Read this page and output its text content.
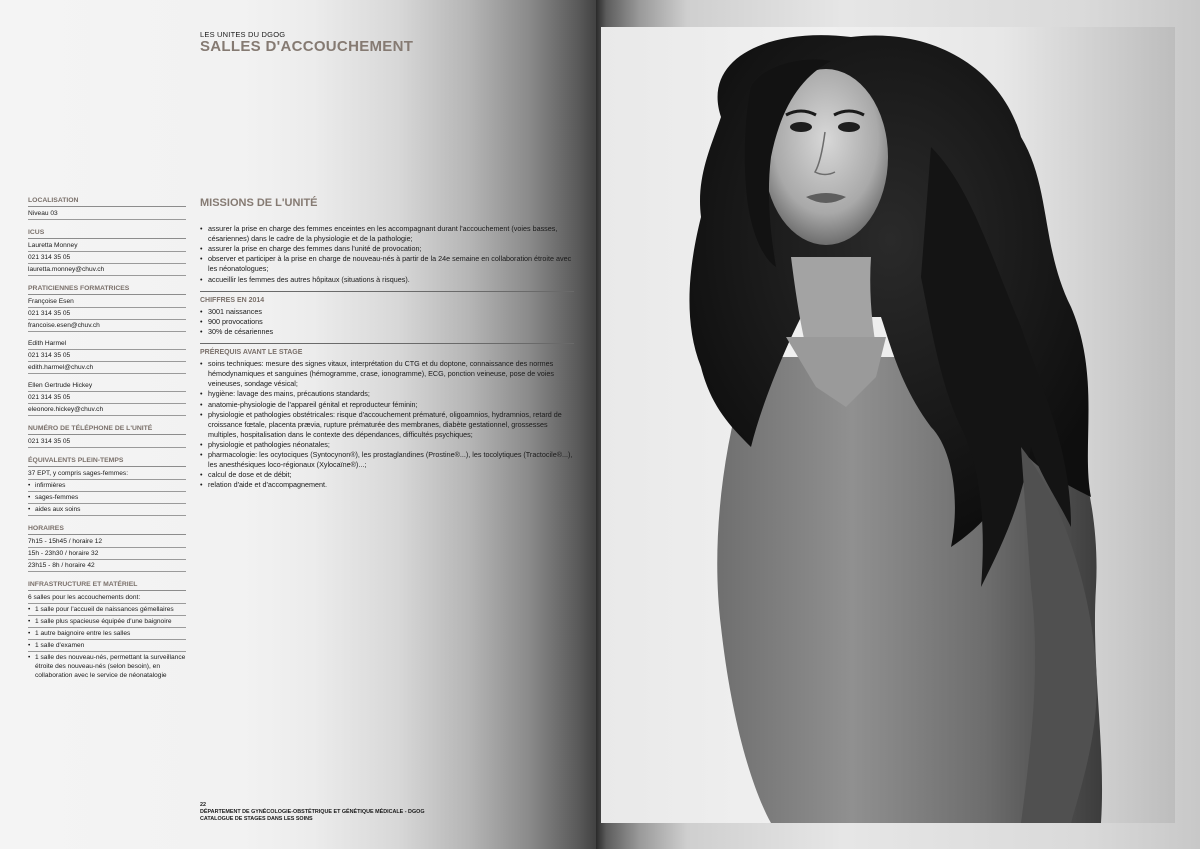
LES UNITES DU DGOG
SALLES D'ACCOUCHEMENT
LOCALISATION
Niveau 03
ICUS
Lauretta Monney
021 314 35 05
lauretta.monney@chuv.ch
PRATICIENNES FORMATRICES
Françoise Esen
021 314 35 05
francoise.esen@chuv.ch
Edith Harmel
021 314 35 05
edith.harmel@chuv.ch
Ellen Gertrude Hickey
021 314 35 05
eleonore.hickey@chuv.ch
NUMÉRO DE TÉLÉPHONE DE L'UNITÉ
021 314 35 05
ÉQUIVALENTS PLEIN-TEMPS
37 EPT, y compris sages-femmes:
• infirmières
• sages-femmes
• aides aux soins
HORAIRES
7h15 - 15h45 / horaire 12
15h - 23h30 / horaire 32
23h15 - 8h / horaire 42
INFRASTRUCTURE ET MATÉRIEL
6 salles pour les accouchements dont:
• 1 salle pour l'accueil de naissances gémellaires
• 1 salle plus spacieuse équipée d'une baignoire
• 1 autre baignoire entre les salles
• 1 salle d'examen
• 1 salle des nouveau-nés, permettant la surveillance étroite des nouveau-nés (selon besoin), en collaboration avec le service de néonatalogie
MISSIONS DE L'UNITÉ
• assurer la prise en charge des femmes enceintes en les accompagnant durant l'accouchement (voies basses, césariennes) dans le cadre de la physiologie et de la pathologie;
• assurer la prise en charge des femmes dans l'unité de provocation;
• observer et participer à la prise en charge de nouveau-nés à partir de la 24e semaine en collaboration étroite avec les néonatologues;
• accueillir les femmes des autres hôpitaux (situations à risques).
CHIFFRES EN 2014
• 3001 naissances
• 900 provocations
• 30% de césariennes
PRÉREQUIS AVANT LE STAGE
• soins techniques: mesure des signes vitaux, interprétation du CTG et du doptone, connaissance des normes hémodynamiques et sanguines (hémogramme, crase, ionogramme), ECG, ponction veineuse, pose de voies veineuses, sondage vésical;
• hygiène: lavage des mains, précautions standards;
• anatomie-physiologie de l'appareil génital et reproducteur féminin;
• physiologie et pathologies obstétricales: risque d'accouchement prématuré, oligoamnios, hydramnios, retard de croissance fœtale, placenta prævia, rupture prématurée des membranes, diabète gestationnel, grossesses multiples, hospitalisation dans le contexte des dépendances, difficultés psychiques;
• physiologie et pathologies néonatales;
• pharmacologie: les ocytociques (Syntocynon®), les prostaglandines (Prostine®...), les tocolytiques (Tractocile®...), les anesthésiques loco-régionaux (Xylocaïne®)...;
• calcul de dose et de débit;
• relation d'aide et d'accompagnement.
22
DÉPARTEMENT DE GYNÉCOLOGIE-OBSTÉTRIQUE ET GÉNÉTIQUE MÉDICALE - DGOG
CATALOGUE DE STAGES DANS LES SOINS
